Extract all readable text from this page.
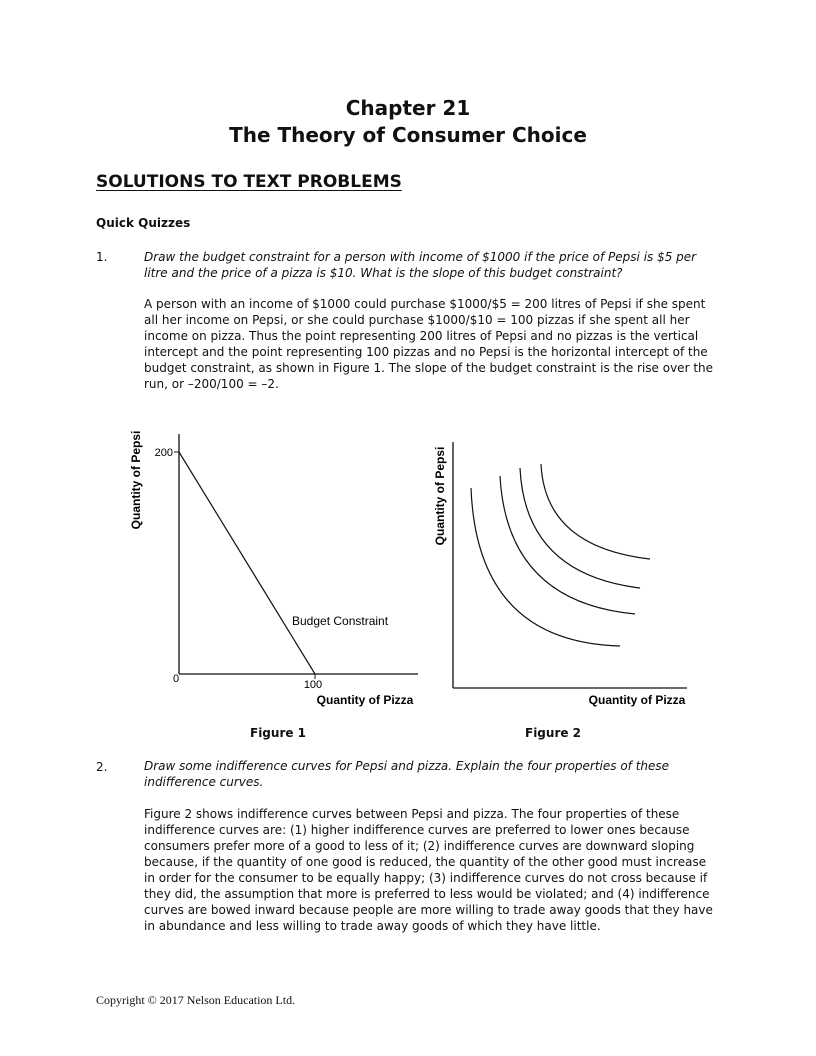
Chapter 21
The Theory of Consumer Choice
SOLUTIONS TO TEXT PROBLEMS
Quick Quizzes
1.	Draw the budget constraint for a person with income of $1000 if the price of Pepsi is $5 per litre and the price of a pizza is $10. What is the slope of this budget constraint?
A person with an income of $1000 could purchase $1000/$5 = 200 litres of Pepsi if she spent all her income on Pepsi, or she could purchase $1000/$10 = 100 pizzas if she spent all her income on pizza. Thus the point representing 200 litres of Pepsi and no pizzas is the vertical intercept and the point representing 100 pizzas and no Pepsi is the horizontal intercept of the budget constraint, as shown in Figure 1. The slope of the budget constraint is the rise over the run, or –200/100 = –2.
200
100
0
Budget Constraint
Quantity of Pizza
Quantity of Pepsi
Quantity of Pizza
Quantity of Pepsi
Figure 1	Figure 2
2.	Draw some indifference curves for Pepsi and pizza. Explain the four properties of these indifference curves.
Figure 2 shows indifference curves between Pepsi and pizza. The four properties of these indifference curves are: (1) higher indifference curves are preferred to lower ones because consumers prefer more of a good to less of it; (2) indifference curves are downward sloping because, if the quantity of one good is reduced, the quantity of the other good must increase in order for the consumer to be equally happy; (3) indifference curves do not cross because if they did, the assumption that more is preferred to less would be violated; and (4) indifference curves are bowed inward because people are more willing to trade away goods that they have in abundance and less willing to trade away goods of which they have little.
Copyright © 2017 Nelson Education Ltd.
